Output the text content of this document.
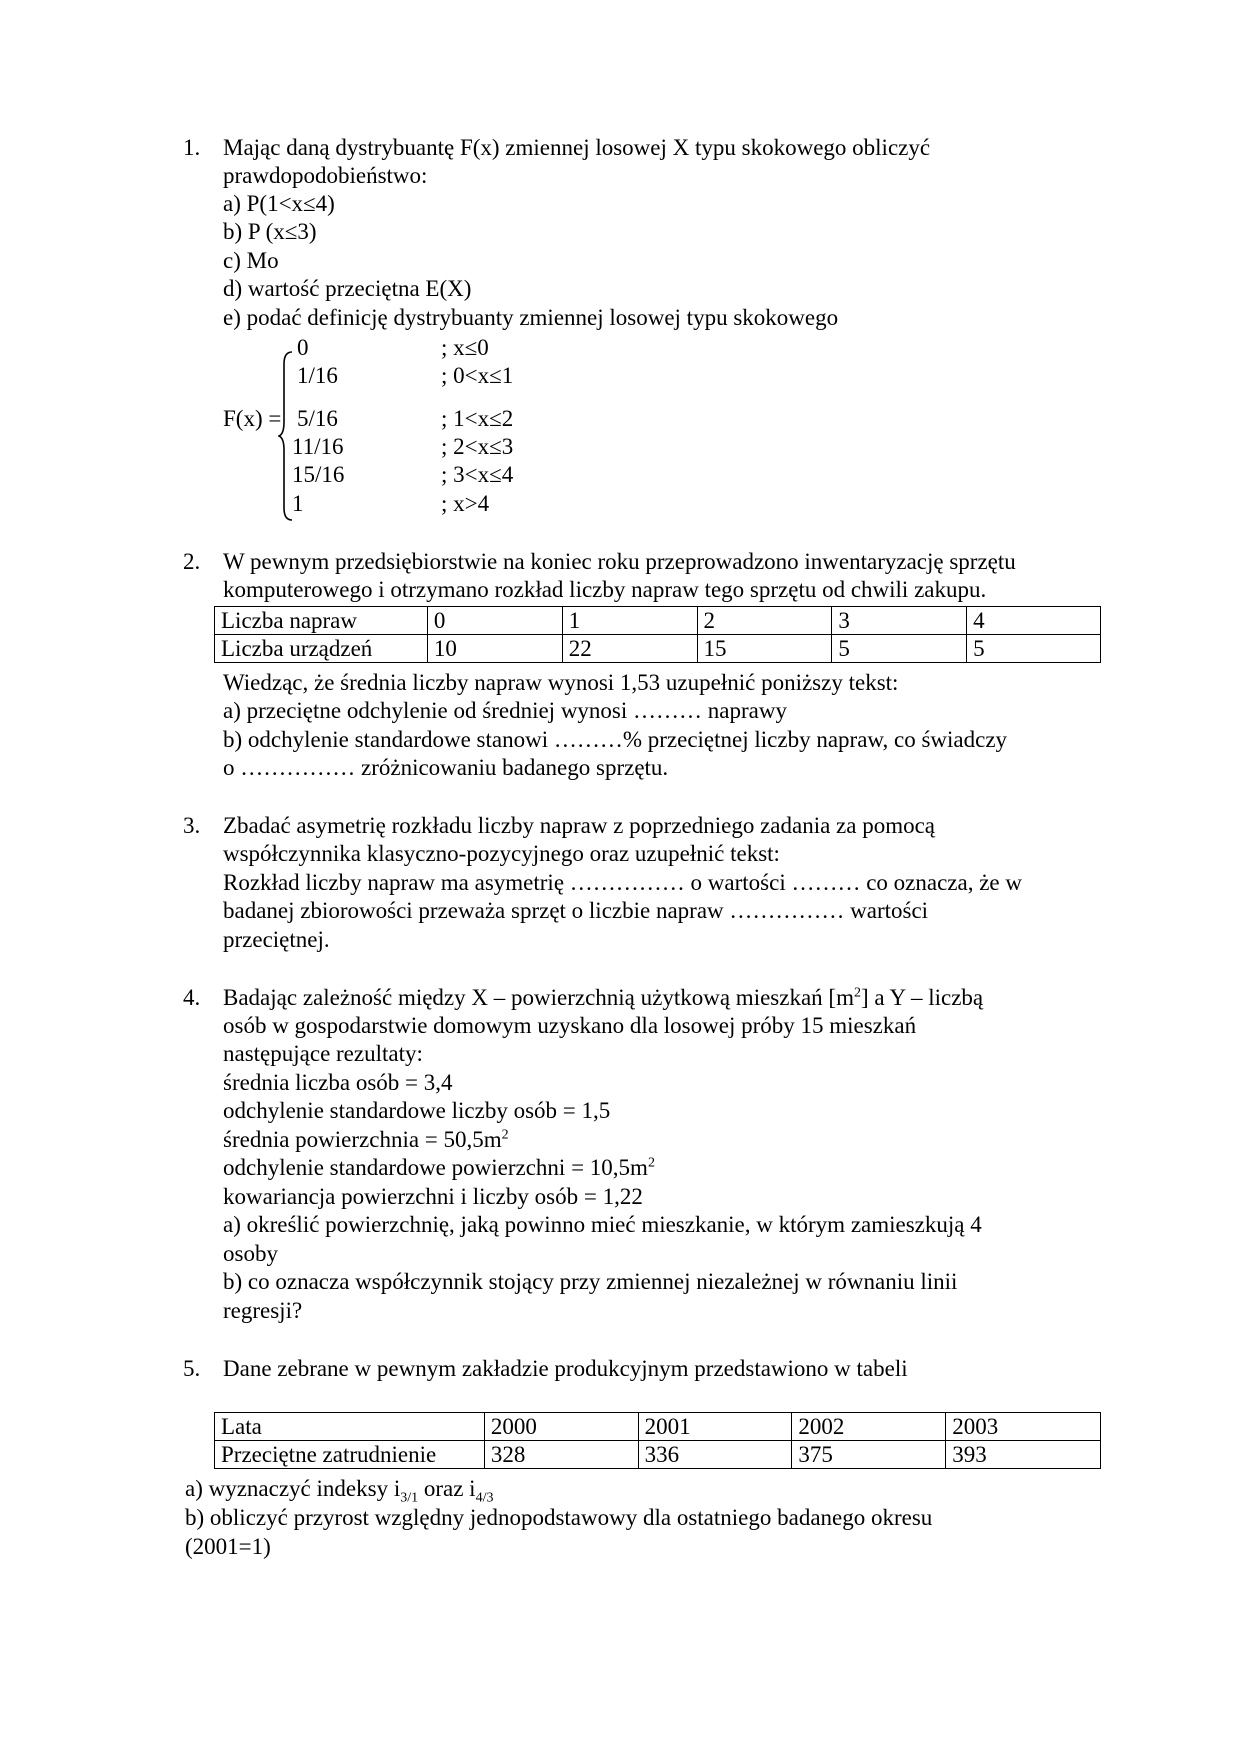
1. Mając daną dystrybuantę F(x) zmiennej losowej X typu skokowego obliczyć
prawdopodobieństwo:
a) P(1<x≤4)
b) P (x≤3)
c) Mo
d) wartość przeciętna E(X)
e) podać definicję dystrybuanty zmiennej losowej typu skokowego
F(x) =
0	; x≤0
1/16	; 0<x≤1
5/16	; 1<x≤2
11/16	; 2<x≤3
15/16	; 3<x≤4
1	; x>4
2. W pewnym przedsiębiorstwie na koniec roku przeprowadzono inwentaryzację sprzętu
komputerowego i otrzymano rozkład liczby napraw tego sprzętu od chwili zakupu.
Liczba napraw	0	1	2	3	4
Liczba urządzeń	10	22	15	5	5
Wiedząc, że średnia liczby napraw wynosi 1,53 uzupełnić poniższy tekst:
a) przeciętne odchylenie od średniej wynosi ……… naprawy
b) odchylenie standardowe stanowi ………% przeciętnej liczby napraw, co świadczy
o …………… zróżnicowaniu badanego sprzętu.
3. Zbadać asymetrię rozkładu liczby napraw z poprzedniego zadania za pomocą
współczynnika klasyczno-pozycyjnego oraz uzupełnić tekst:
Rozkład liczby napraw ma asymetrię …………… o wartości ……… co oznacza, że w
badanej zbiorowości przeważa sprzęt o liczbie napraw …………… wartości
przeciętnej.
4. Badając zależność między X – powierzchnią użytkową mieszkań $[m^2]$ a Y – liczbą
osób w gospodarstwie domowym uzyskano dla losowej próby 15 mieszkań
następujące rezultaty:
średnia liczba osób = 3,4
odchylenie standardowe liczby osób = 1,5
średnia powierzchnia = $50,5m^2$
odchylenie standardowe powierzchni = $10,5m^2$
kowariancja powierzchni i liczby osób = 1,22
a) określić powierzchnię, jaką powinno mieć mieszkanie, w którym zamieszkują 4
osoby
b) co oznacza współczynnik stojący przy zmiennej niezależnej w równaniu linii
regresji?
5. Dane zebrane w pewnym zakładzie produkcyjnym przedstawiono w tabeli
Lata	2000	2001	2002	2003
Przeciętne zatrudnienie	328	336	375	393
a) wyznaczyć indeksy $i_{3/1}$ oraz $i_{4/3}$
b) obliczyć przyrost względny jednopodstawowy dla ostatniego badanego okresu
(2001=1)
